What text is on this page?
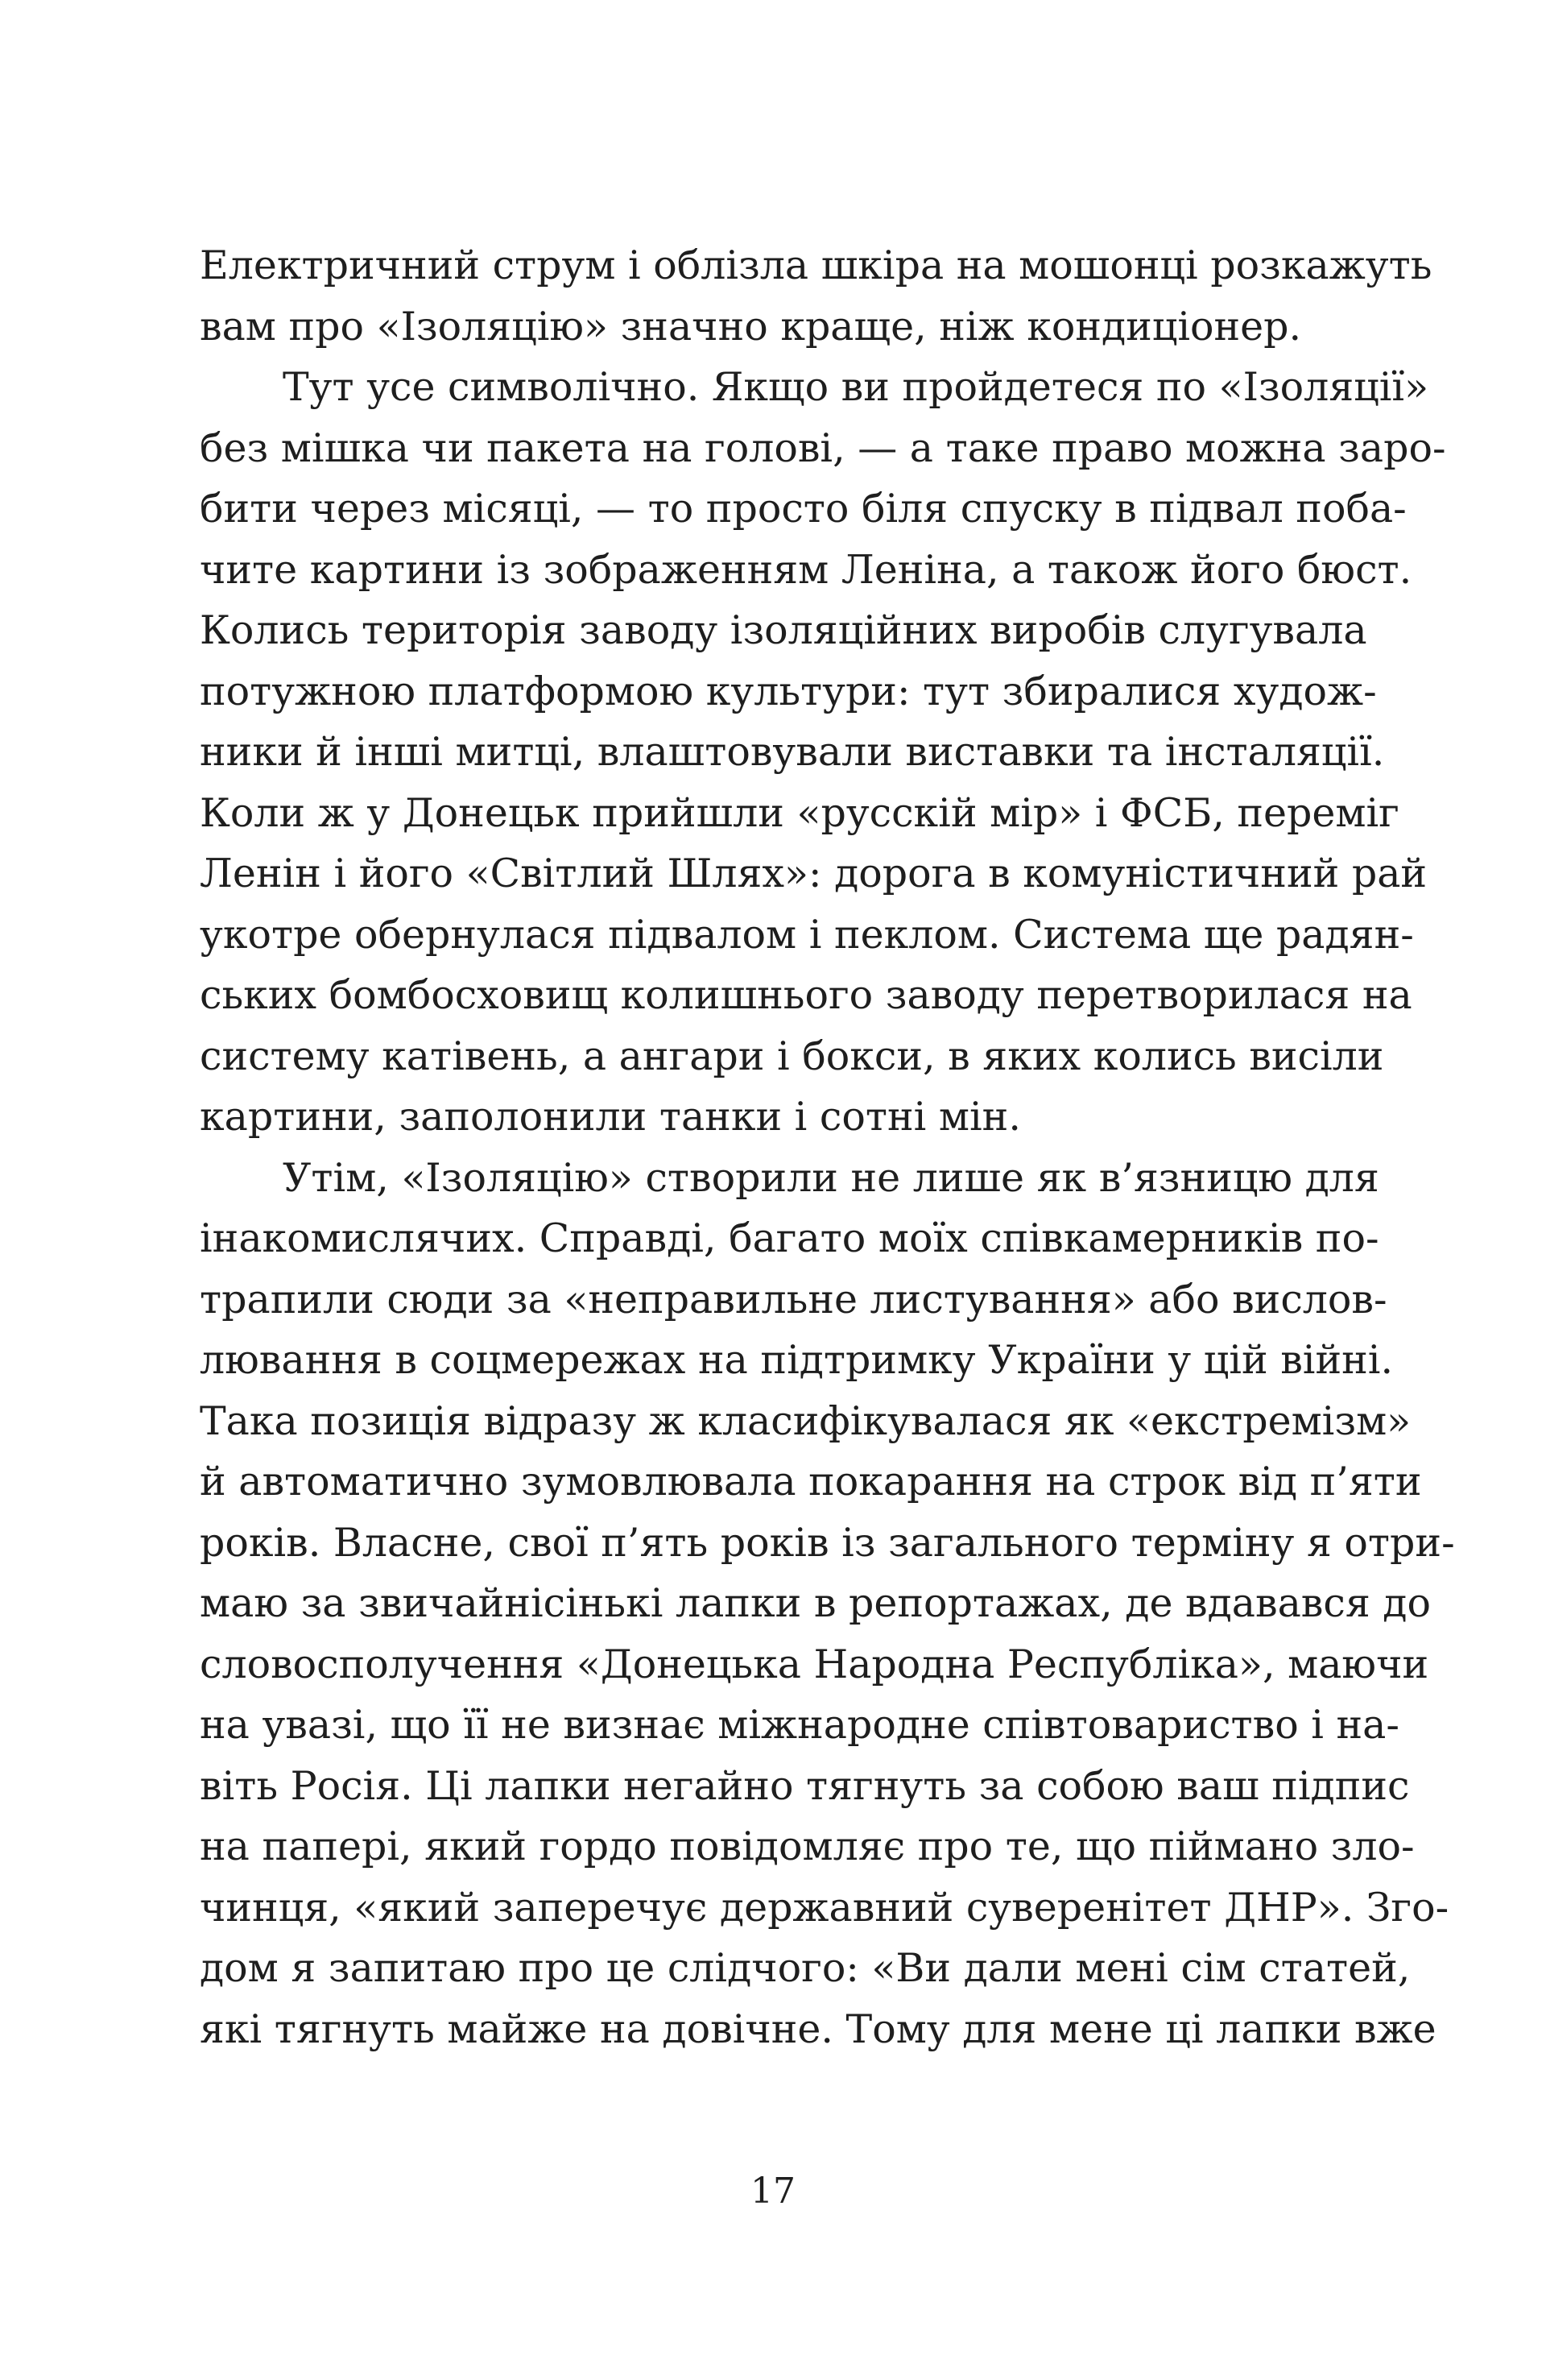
Електричний струм і облізла шкіра на мошонці розкажуть

вам про «Ізоляцію» значно краще, ніж кондиціонер.

Тут усе символічно. Якщо ви пройдетеся по «Ізоляції»

без мішка чи пакета на голові, — а таке право можна заро-

бити через місяці, — то просто біля спуску в підвал поба-

чите картини із зображенням Леніна, а також його бюст.

Колись територія заводу ізоляційних виробів слугувала

потужною платформою культури: тут збиралися худож-

ники й інші митці, влаштовували виставки та інсталяції.

Коли ж у Донецьк прийшли «русскій мір» і ФСБ, переміг

Ленін і його «Світлий Шлях»: дорога в комуністичний рай

укотре обернулася підвалом і пеклом. Система ще радян-

ських бомбосховищ колишнього заводу перетворилася на

систему катівень, а ангари і бокси, в яких колись висіли

картини, заполонили танки і сотні мін.

Утім, «Ізоляцію» створили не лише як в’язницю для

інакомислячих. Справді, багато моїх співкамерників по-

трапили сюди за «неправильне листування» або вислов-

лювання в соцмережах на підтримку України у цій війні.

Така позиція відразу ж класифікувалася як «екстремізм»

й автоматично зумовлювала покарання на строк від п’яти

років. Власне, свої п’ять років із загального терміну я отри-

маю за звичайнісінькі лапки в репортажах, де вдавався до

словосполучення «Донецька Народна Республіка», маючи

на увазі, що її не визнає міжнародне співтовариство і на-

віть Росія. Ці лапки негайно тягнуть за собою ваш підпис

на папері, який гордо повідомляє про те, що піймано зло-

чинця, «який заперечує державний суверенітет ДНР». Зго-

дом я запитаю про це слідчого: «Ви дали мені сім статей,

які тягнуть майже на довічне. Тому для мене ці лапки вже

17
